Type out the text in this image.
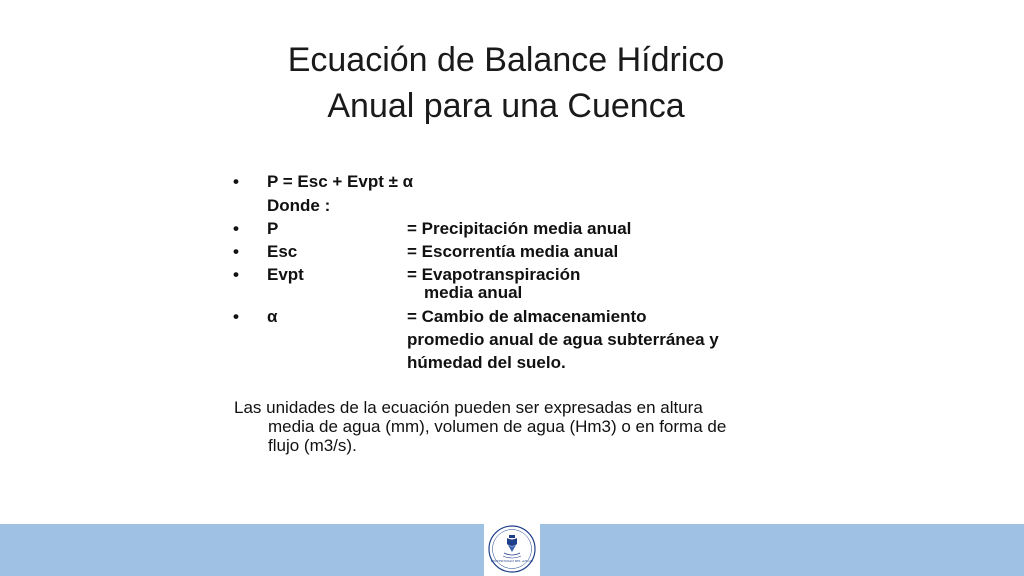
Ecuación de Balance Hídrico
Anual para una Cuenca
• P = Esc + Evpt ± α
Donde :
• P	= Precipitación media anual
• Esc	= Escorrentía media anual
• Evpt	= Evapotranspiración
media anual
• α	= Cambio de almacenamiento
promedio anual de agua subterránea y
húmedad del suelo.
Las unidades de la ecuación pueden ser expresadas en altura
media de agua (mm), volumen de agua (Hm3) o en forma de
flujo (m3/s).
UNIVERSIDAD DEL AZUAY
